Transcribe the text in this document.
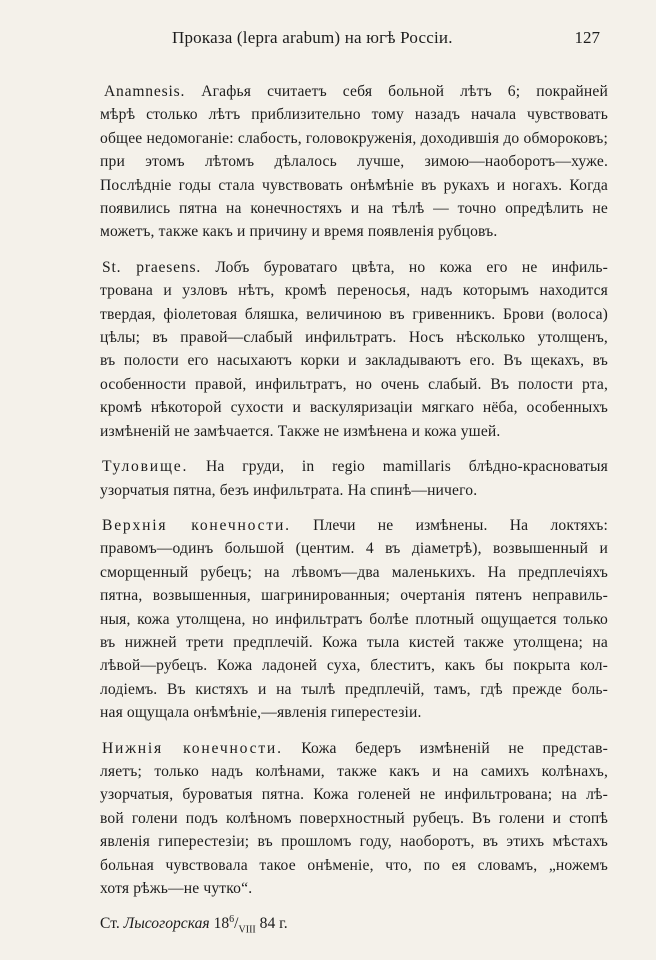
Проказа (lepra arabum) на югѣ Россіи.	127
Anamnesis. Агафья считаетъ себя больной лѣтъ 6; покрайней
мѣрѣ столько лѣтъ приблизительно тому назадъ начала чувствовать
общее недомоганіе: слабость, головокруженія, доходившія до обмороковъ;
при этомъ лѣтомъ дѣлалось лучше, зимою—наоборотъ—хуже.
Послѣдніе годы стала чувствовать онѣмѣніе въ рукахъ и ногахъ. Когда
появились пятна на конечностяхъ и на тѣлѣ — точно опредѣлить не
можетъ, также какъ и причину и время появленія рубцовъ.
St. praesens. Лобъ буроватаго цвѣта, но кожа его не инфиль-
трована и узловъ нѣтъ, кромѣ переносья, надъ которымъ находится
твердая, фіолетовая бляшка, величиною въ гривенникъ. Брови (волоса)
цѣлы; въ правой—слабый инфильтратъ. Носъ нѣсколько утолщенъ,
въ полости его насыхаютъ корки и закладываютъ его. Въ щекахъ, въ
особенности правой, инфильтратъ, но очень слабый. Въ полости рта,
кромѣ нѣкоторой сухости и васкуляризаціи мягкаго нёба, особенныхъ
измѣненій не замѣчается. Также не измѣнена и кожа ушей.
Туловище. На груди, in regio mamillaris блѣдно-красноватыя
узорчатыя пятна, безъ инфильтрата. На спинѣ—ничего.
Верхнія конечности. Плечи не измѣнены. На локтяхъ:
правомъ—одинъ большой (центим. 4 въ діаметрѣ), возвышенный и
сморщенный рубецъ; на лѣвомъ—два маленькихъ. На предплечіяхъ
пятна, возвышенныя, шагринированныя; очертанія пятенъ неправиль-
ныя, кожа утолщена, но инфильтратъ болѣе плотный ощущается только
въ нижней трети предплечій. Кожа тыла кистей также утолщена; на
лѣвой—рубецъ. Кожа ладоней суха, блеститъ, какъ бы покрыта кол-
лодіемъ. Въ кистяхъ и на тылѣ предплечій, тамъ, гдѣ прежде боль-
ная ощущала онѣмѣніе,—явленія гиперестезіи.
Нижнія конечности. Кожа бедеръ измѣненій не представ-
ляетъ; только надъ колѣнами, также какъ и на самихъ колѣнахъ,
узорчатыя, буроватыя пятна. Кожа голеней не инфильтрована; на лѣ-
вой голени подъ колѣномъ поверхностный рубецъ. Въ голени и стопѣ
явленія гиперестезіи; въ прошломъ году, наоборотъ, въ этихъ мѣстахъ
больная чувствовала такое онѣменіе, что, по ея словамъ, „ножемъ
хотя рѣжь—не чутко“.
Ст. Лысогорская $18^6/_{VIII}$ 84 г.
